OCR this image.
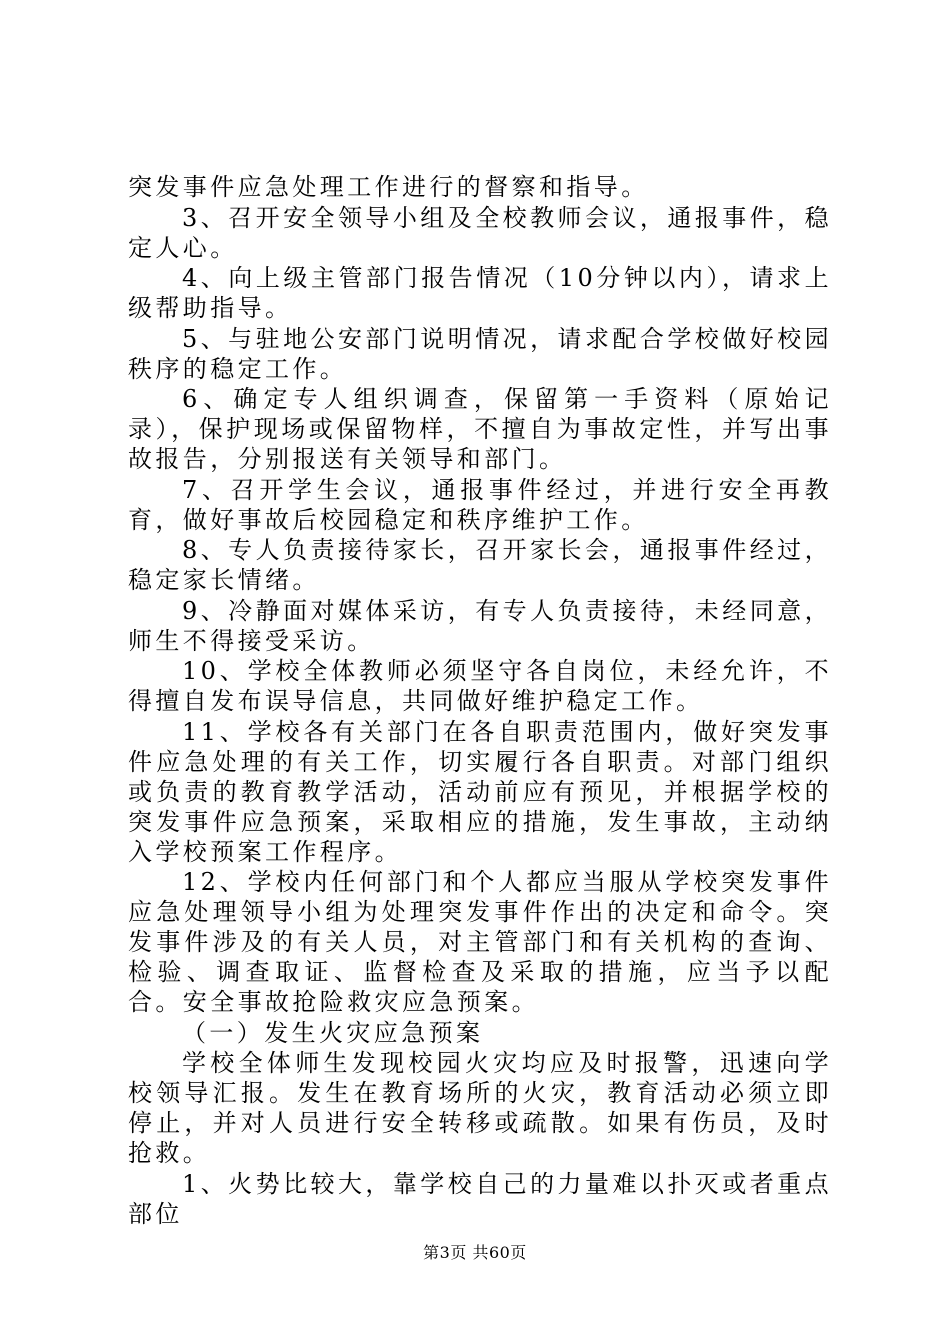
突发事件应急处理工作进行的督察和指导。

3、召开安全领导小组及全校教师会议，通报事件，稳定人心。

4、向上级主管部门报告情况（10分钟以内），请求上级帮助指导。

5、与驻地公安部门说明情况，请求配合学校做好校园秩序的稳定工作。

6、确定专人组织调查，保留第一手资料（原始记录），保护现场或保留物样，不擅自为事故定性，并写出事故报告，分别报送有关领导和部门。

7、召开学生会议，通报事件经过，并进行安全再教育，做好事故后校园稳定和秩序维护工作。

8、专人负责接待家长，召开家长会，通报事件经过，稳定家长情绪。

9、冷静面对媒体采访，有专人负责接待，未经同意，师生不得接受采访。

10、学校全体教师必须坚守各自岗位，未经允许，不得擅自发布误导信息，共同做好维护稳定工作。

11、学校各有关部门在各自职责范围内，做好突发事件应急处理的有关工作，切实履行各自职责。对部门组织或负责的教育教学活动，活动前应有预见，并根据学校的突发事件应急预案，采取相应的措施，发生事故，主动纳入学校预案工作程序。

12、学校内任何部门和个人都应当服从学校突发事件应急处理领导小组为处理突发事件作出的决定和命令。突发事件涉及的有关人员，对主管部门和有关机构的查询、检验、调查取证、监督检查及采取的措施，应当予以配合。安全事故抢险救灾应急预案。

（一）发生火灾应急预案

学校全体师生发现校园火灾均应及时报警，迅速向学校领导汇报。发生在教育场所的火灾，教育活动必须立即停止，并对人员进行安全转移或疏散。如果有伤员，及时抢救。

1、火势比较大，靠学校自己的力量难以扑灭或者重点部位

第3页 共60页
